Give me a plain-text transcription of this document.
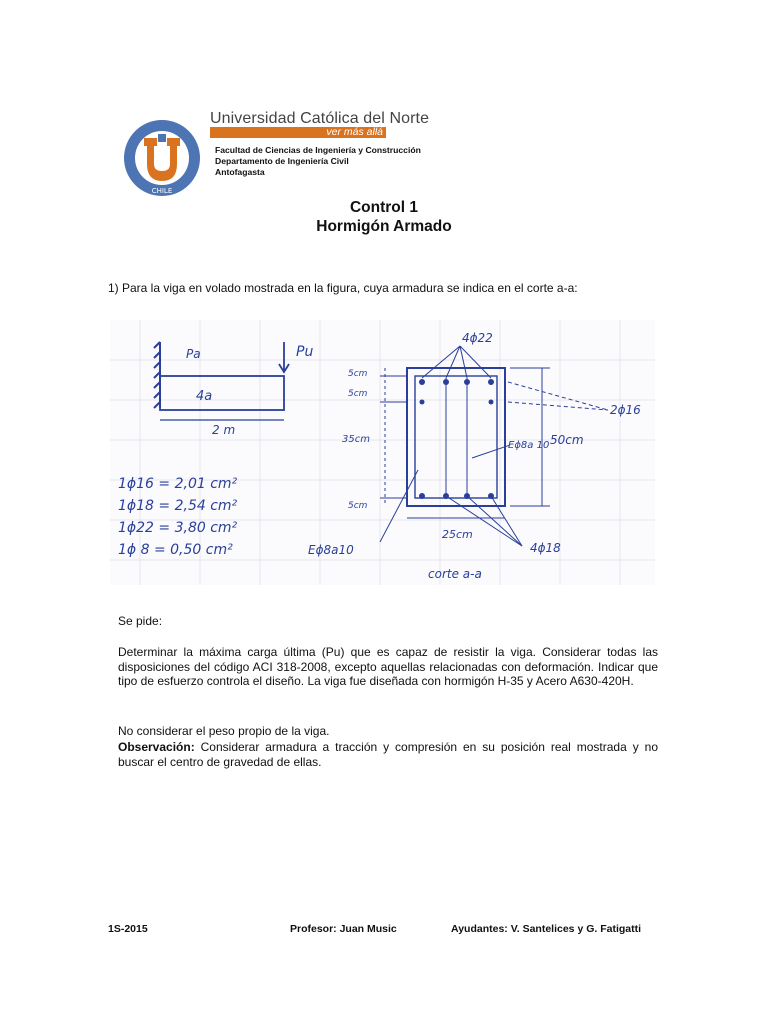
CHILE
Universidad Católica del Norte
ver más allá
Facultad de Ciencias de Ingeniería y Construcción
Departamento de Ingeniería Civil
Antofagasta
Control 1
Hormigón Armado
1) Para la viga en volado mostrada en la figura, cuya armadura se indica en el corte a-a:
Pu
Pa
4a
2 m
1ϕ16 = 2,01 cm²
1ϕ18 = 2,54 cm²
1ϕ22 = 3,80 cm²
1ϕ 8 = 0,50 cm²
4ϕ22
2ϕ16
4ϕ18
Eϕ8a10
Eϕ8a 10
5cm
5cm
35cm
5cm
50cm
25cm
corte a-a
Se pide:
Determinar la máxima carga última (Pu) que es capaz de resistir la viga. Considerar todas las disposiciones del código ACI 318-2008, excepto aquellas relacionadas con deformación. Indicar que tipo de esfuerzo controla el diseño. La viga fue diseñada con hormigón H-35 y Acero A630-420H.
No considerar el peso propio de la viga.
Observación: Considerar armadura a tracción y compresión en su posición real mostrada y no buscar el centro de gravedad de ellas.
1S-2015	Profesor: Juan Music	Ayudantes: V. Santelices y G. Fatigatti
